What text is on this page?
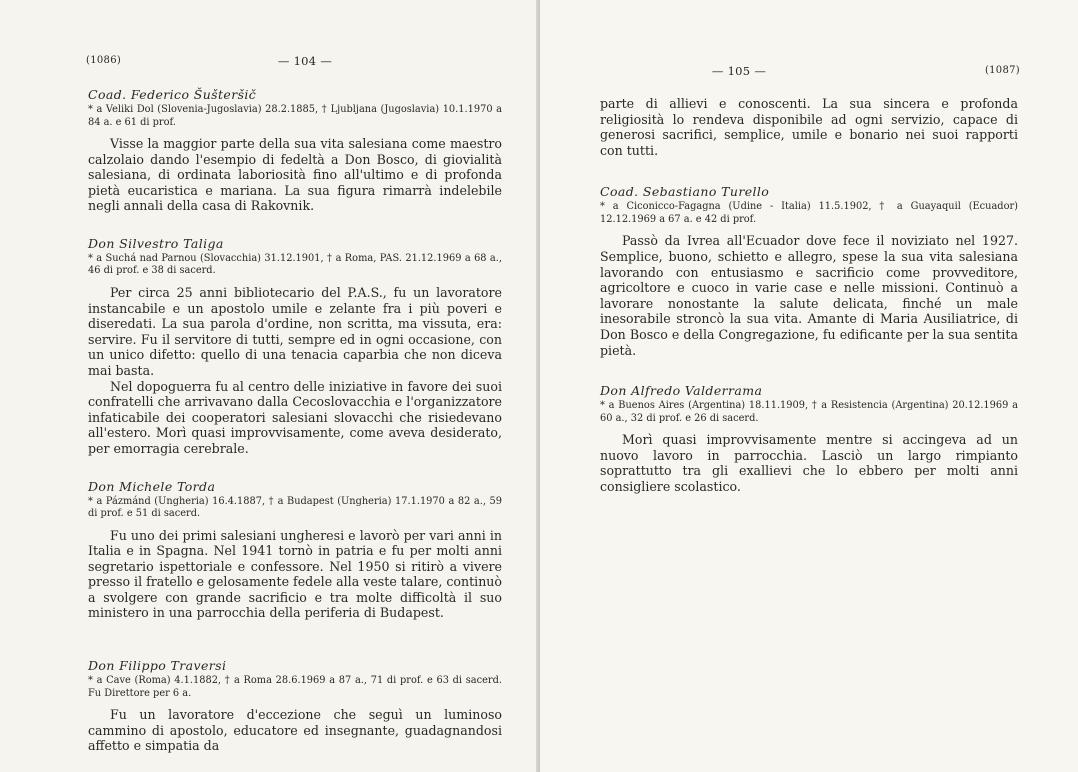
(1086)	— 104 —

Coad. Federico Šušteršič

* a Veliki Dol (Slovenia-Jugoslavia) 28.2.1885, † Ljubljana (Jugoslavia) 10.1.1970 a 84 a. e 61 di prof.

Visse la maggior parte della sua vita salesiana come maestro calzolaio dando l'esempio di fedeltà a Don Bosco, di giovialità salesiana, di ordinata laboriosità fino all'ultimo e di profonda pietà eucaristica e mariana. La sua figura rimarrà indelebile negli annali della casa di Rakovnik.

Don Silvestro Taliga

* a Suchá nad Parnou (Slovacchia) 31.12.1901, † a Roma, PAS. 21.12.1969 a 68 a., 46 di prof. e 38 di sacerd.

Per circa 25 anni bibliotecario del P.A.S., fu un lavoratore instancabile e un apostolo umile e zelante fra i più poveri e diseredati. La sua parola d'ordine, non scritta, ma vissuta, era: servire. Fu il servitore di tutti, sempre ed in ogni occasione, con un unico difetto: quello di una tenacia caparbia che non diceva mai basta.

Nel dopoguerra fu al centro delle iniziative in favore dei suoi confratelli che arrivavano dalla Cecoslovacchia e l'organizzatore infaticabile dei cooperatori salesiani slovacchi che risiedevano all'estero. Morì quasi improvvisamente, come aveva desiderato, per emorragia cerebrale.

Don Michele Torda

* a Pázmánd (Ungheria) 16.4.1887, † a Budapest (Ungheria) 17.1.1970 a 82 a., 59 di prof. e 51 di sacerd.

Fu uno dei primi salesiani ungheresi e lavorò per vari anni in Italia e in Spagna. Nel 1941 tornò in patria e fu per molti anni segretario ispettoriale e confessore. Nel 1950 si ritirò a vivere presso il fratello e gelosamente fedele alla veste talare, continuò a svolgere con grande sacrificio e tra molte difficoltà il suo ministero in una parrocchia della periferia di Budapest.

Don Filippo Traversi

* a Cave (Roma) 4.1.1882, † a Roma 28.6.1969 a 87 a., 71 di prof. e 63 di sacerd. Fu Direttore per 6 a.

Fu un lavoratore d'eccezione che seguì un luminoso cammino di apostolo, educatore ed insegnante, guadagnandosi affetto e simpatia da

— 105 —	(1087)

parte di allievi e conoscenti. La sua sincera e profonda religiosità lo rendeva disponibile ad ogni servizio, capace di generosi sacrifici, semplice, umile e bonario nei suoi rapporti con tutti.

Coad. Sebastiano Turello

* a Ciconicco-Fagagna (Udine - Italia) 11.5.1902, † a Guayaquil (Ecuador) 12.12.1969 a 67 a. e 42 di prof.

Passò da Ivrea all'Ecuador dove fece il noviziato nel 1927. Semplice, buono, schietto e allegro, spese la sua vita salesiana lavorando con entusiasmo e sacrificio come provveditore, agricoltore e cuoco in varie case e nelle missioni. Continuò a lavorare nonostante la salute delicata, finché un male inesorabile stroncò la sua vita. Amante di Maria Ausiliatrice, di Don Bosco e della Congregazione, fu edificante per la sua sentita pietà.

Don Alfredo Valderrama

* a Buenos Aires (Argentina) 18.11.1909, † a Resistencia (Argentina) 20.12.1969 a 60 a., 32 di prof. e 26 di sacerd.

Morì quasi improvvisamente mentre si accingeva ad un nuovo lavoro in parrocchia. Lasciò un largo rimpianto soprattutto tra gli exallievi che lo ebbero per molti anni consigliere scolastico.
